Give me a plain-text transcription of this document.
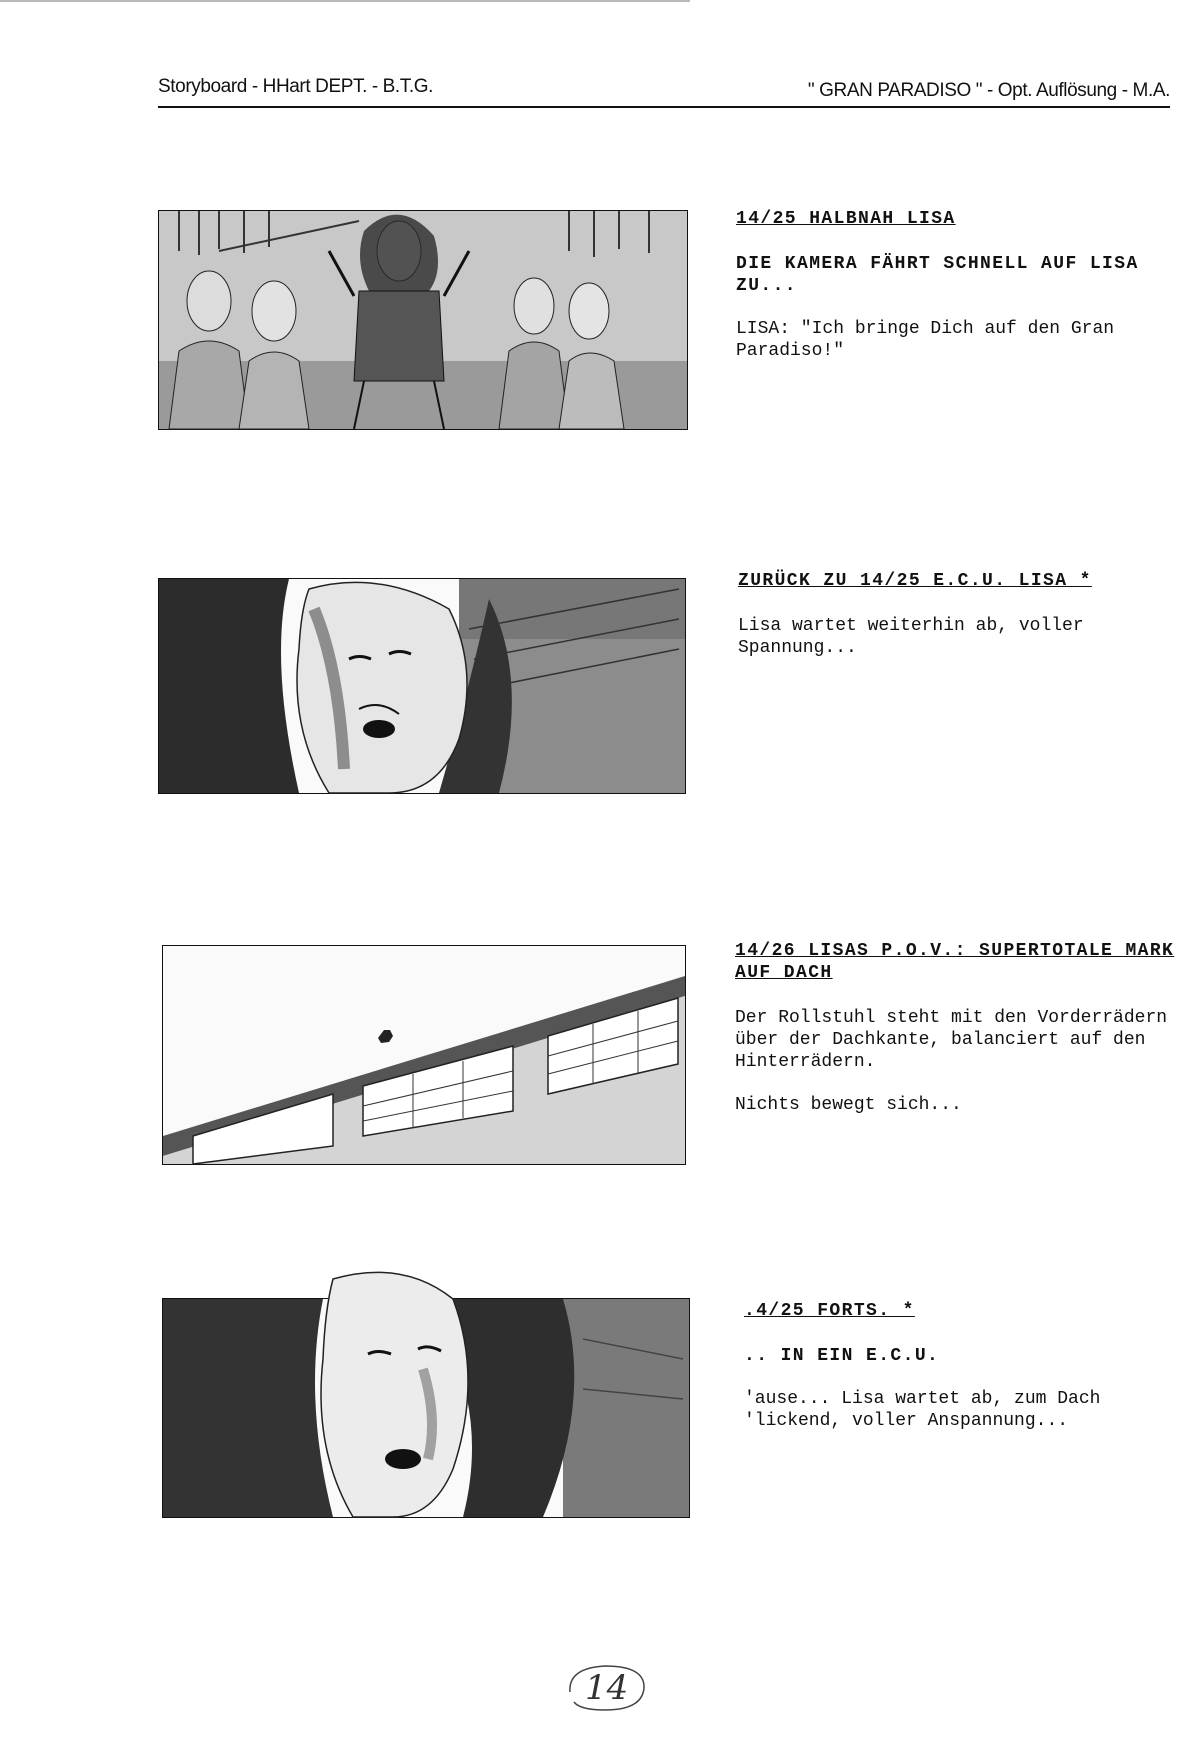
Storyboard - HHart DEPT. - B.T.G.	" GRAN PARADISO " - Opt. Auflösung - M.A.

14/25 HALBNAH LISA

DIE KAMERA FÄHRT SCHNELL AUF LISA ZU...

LISA: "Ich bringe Dich auf den Gran Paradiso!"

ZURÜCK ZU 14/25 E.C.U. LISA *

Lisa wartet weiterhin ab, voller Spannung...

14/26 LISAS P.O.V.: SUPERTOTALE MARK AUF DACH

Der Rollstuhl steht mit den Vorderrädern über der Dachkante, balanciert auf den Hinterrädern.

Nichts bewegt sich...

.4/25 FORTS. *

.. IN EIN E.C.U.

'ause... Lisa wartet ab, zum Dach
'lickend, voller Anspannung...

14
